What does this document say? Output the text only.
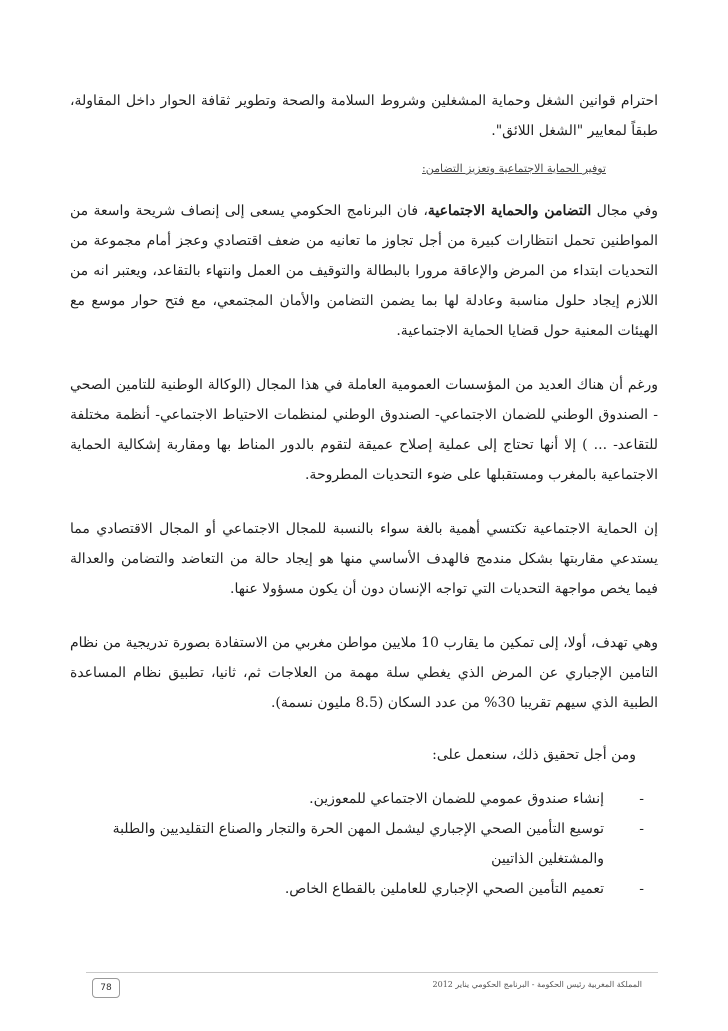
احترام قوانين الشغل وحماية المشغلين وشروط السلامة والصحة وتطوير ثقافة الحوار داخل المقاولة، طبقاً لمعايير "الشغل اللائق".

توفير الحماية الاجتماعية وتعزيز التضامن:

وفي مجال التضامن والحماية الاجتماعية، فان البرنامج الحكومي يسعى إلى إنصاف شريحة واسعة من المواطنين تحمل انتظارات كبيرة من أجل تجاوز ما تعانيه من ضعف اقتصادي وعجز أمام مجموعة من التحديات ابتداء من المرض والإعاقة مرورا بالبطالة والتوقيف من العمل وانتهاء بالتقاعد، ويعتبر انه من اللازم إيجاد حلول مناسبة وعادلة لها بما يضمن التضامن والأمان المجتمعي، مع فتح حوار موسع مع الهيئات المعنية حول قضايا الحماية الاجتماعية.

ورغم أن هناك العديد من المؤسسات العمومية العاملة في هذا المجال (الوكالة الوطنية للتامين الصحي - الصندوق الوطني للضمان الاجتماعي- الصندوق الوطني لمنظمات الاحتياط الاجتماعي- أنظمة مختلفة للتقاعد- ... ) إلا أنها تحتاج إلى عملية إصلاح عميقة لتقوم بالدور المناط بها ومقاربة إشكالية الحماية الاجتماعية بالمغرب ومستقبلها على ضوء التحديات المطروحة.

إن الحماية الاجتماعية تكتسي أهمية بالغة سواء بالنسبة للمجال الاجتماعي أو المجال الاقتصادي مما يستدعي مقاربتها بشكل مندمج فالهدف الأساسي منها هو إيجاد حالة من التعاضد والتضامن والعدالة فيما يخص مواجهة التحديات التي تواجه الإنسان دون أن يكون مسؤولا عنها.

وهي تهدف، أولا، إلى تمكين ما يقارب 10 ملايين مواطن مغربي من الاستفادة بصورة تدريجية من نظام التامين الإجباري عن المرض الذي يغطي سلة مهمة من العلاجات ثم، ثانيا، تطبيق نظام المساعدة الطبية الذي سيهم تقريبا 30% من عدد السكان (8.5 مليون نسمة).

ومن أجل تحقيق ذلك، سنعمل على:

-
إنشاء صندوق عمومي للضمان الاجتماعي للمعوزين.
-
توسيع التأمين الصحي الإجباري ليشمل المهن الحرة والتجار والصناع التقليديين والطلبة والمشتغلين الذاتيين
-
تعميم التأمين الصحي الإجباري للعاملين بالقطاع الخاص.
المملكة المغربية رئيس الحكومة - البرنامج الحكومي يناير 2012
78
